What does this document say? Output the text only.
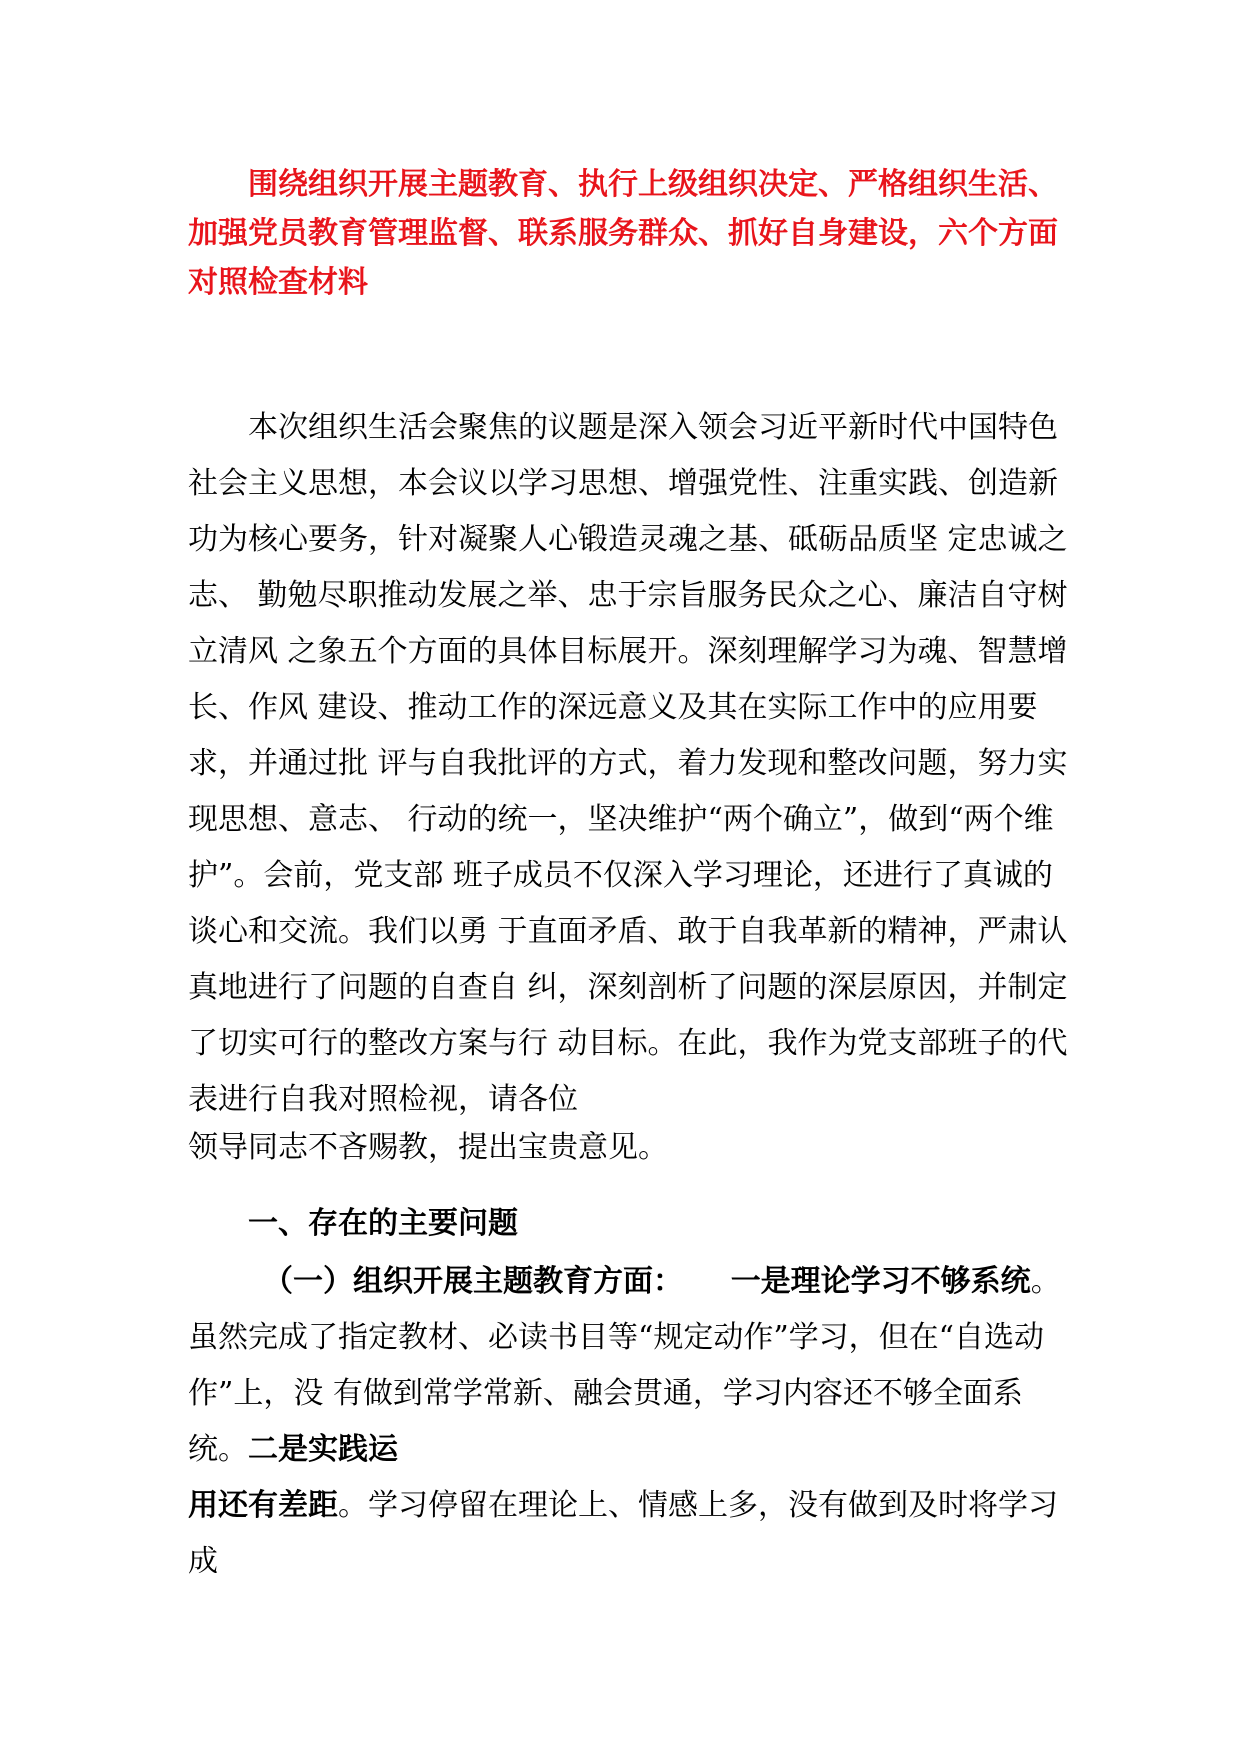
围绕组织开展主题教育、执行上级组织决定、严格组织生活、加强党员教育管理监督、联系服务群众、抓好自身建设，六个方面对照检查材料

本次组织生活会聚焦的议题是深入领会习近平新时代中国特色社会主义思想，本会议以学习思想、增强党性、注重实践、创造新功为核心要务，针对凝聚人心锻造灵魂之基、砥砺品质坚 定忠诚之志、 勤勉尽职推动发展之举、忠于宗旨服务民众之心、廉洁自守树立清风 之象五个方面的具体目标展开。深刻理解学习为魂、智慧增长、作风 建设、推动工作的深远意义及其在实际工作中的应用要求，并通过批 评与自我批评的方式，着力发现和整改问题，努力实现思想、意志、 行动的统一，坚决维护“两个确立”，做到“两个维护”。会前，党支部 班子成员不仅深入学习理论，还进行了真诚的谈心和交流。我们以勇 于直面矛盾、敢于自我革新的精神，严肃认真地进行了问题的自查自 纠，深刻剖析了问题的深层原因，并制定了切实可行的整改方案与行 动目标。在此，我作为党支部班子的代表进行自我对照检视，请各位

领导同志不吝赐教，提出宝贵意见。

一、存在的主要问题

（一）组织开展主题教育方面： 一是理论学习不够系统。虽然完成了指定教材、必读书目等“规定动作”学习，但在“自选动作”上，没 有做到常学常新、融会贯通，学习内容还不够全面系统。二是实践运
用还有差距。学习停留在理论上、情感上多，没有做到及时将学习成
